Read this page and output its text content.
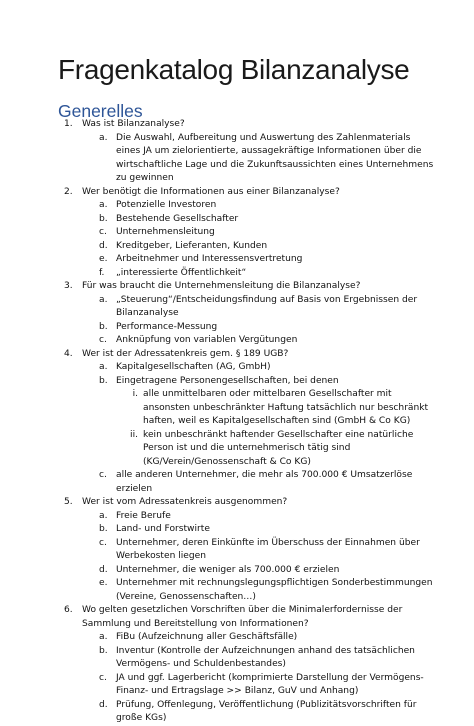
Fragenkatalog Bilanzanalyse
Generelles
1. Was ist Bilanzanalyse?
a. Die Auswahl, Aufbereitung und Auswertung des Zahlenmaterials eines JA um zielorientierte, aussagekräftige Informationen über die wirtschaftliche Lage und die Zukunftsaussichten eines Unternehmens zu gewinnen
2. Wer benötigt die Informationen aus einer Bilanzanalyse?
a. Potenzielle Investoren
b. Bestehende Gesellschafter
c. Unternehmensleitung
d. Kreditgeber, Lieferanten, Kunden
e. Arbeitnehmer und Interessensvertretung
f. „interessierte Öffentlichkeit“
3. Für was braucht die Unternehmensleitung die Bilanzanalyse?
a. „Steuerung“/Entscheidungsfindung auf Basis von Ergebnissen der Bilanzanalyse
b. Performance-Messung
c. Anknüpfung von variablen Vergütungen
4. Wer ist der Adressatenkreis gem. § 189 UGB?
a. Kapitalgesellschaften (AG, GmbH)
b. Eingetragene Personengesellschaften, bei denen
i. alle unmittelbaren oder mittelbaren Gesellschafter mit ansonsten unbeschränkter Haftung tatsächlich nur beschränkt haften, weil es Kapitalgesellschaften sind (GmbH & Co KG)
ii. kein unbeschränkt haftender Gesellschafter eine natürliche Person ist und die unternehmerisch tätig sind (KG/Verein/Genossenschaft & Co KG)
c. alle anderen Unternehmer, die mehr als 700.000 € Umsatzerlöse erzielen
5. Wer ist vom Adressatenkreis ausgenommen?
a. Freie Berufe
b. Land- und Forstwirte
c. Unternehmer, deren Einkünfte im Überschuss der Einnahmen über Werbekosten liegen
d. Unternehmer, die weniger als 700.000 € erzielen
e. Unternehmer mit rechnungslegungspflichtigen Sonderbestimmungen (Vereine, Genossenschaften…)
6. Wo gelten gesetzlichen Vorschriften über die Minimalerfordernisse der Sammlung und Bereitstellung von Informationen?
a. FiBu (Aufzeichnung aller Geschäftsfälle)
b. Inventur (Kontrolle der Aufzeichnungen anhand des tatsächlichen Vermögens- und Schuldenbestandes)
c. JA und ggf. Lagerbericht (komprimierte Darstellung der Vermögens- Finanz- und Ertragslage >> Bilanz, GuV und Anhang)
d. Prüfung, Offenlegung, Veröffentlichung (Publizitätsvorschriften für große KGs)
